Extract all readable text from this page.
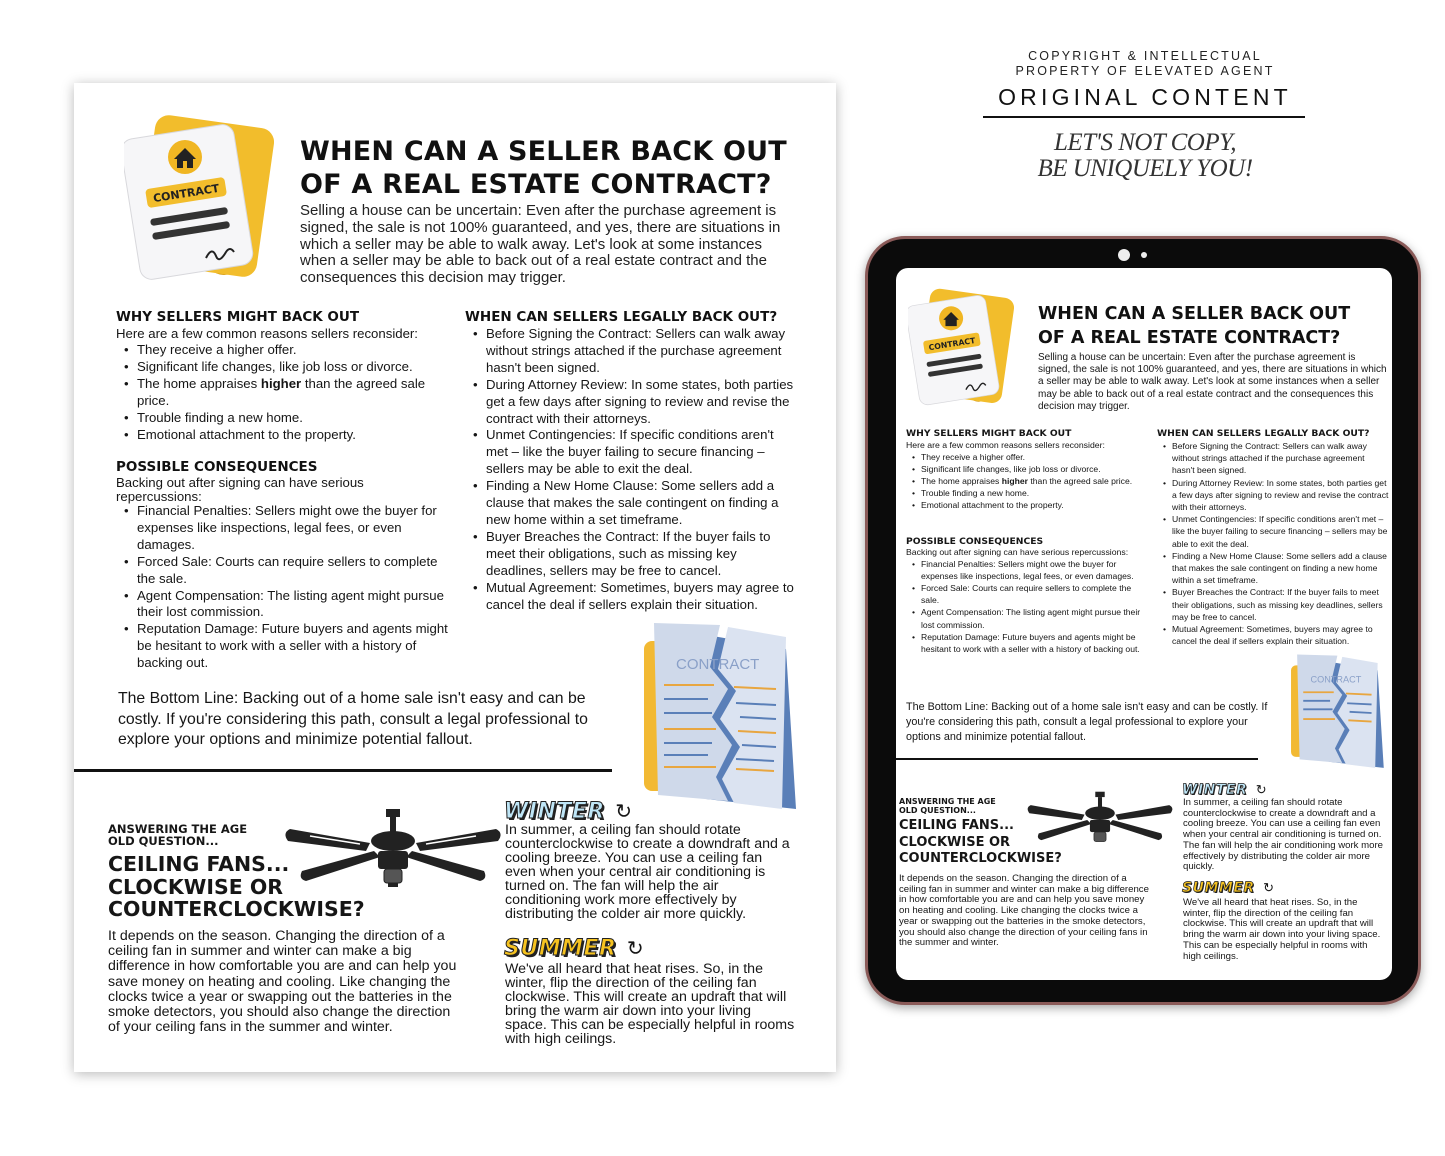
CONTRACT
WHEN CAN A SELLER BACK OUT
OF A REAL ESTATE CONTRACT?

Selling a house can be uncertain: Even after the purchase agreement is signed, the sale is not 100% guaranteed, and yes, there are situations in which a seller may be able to walk away. Let's look at some instances when a seller may be able to back out of a real estate contract and the consequences this decision may trigger.

WHY SELLERS MIGHT BACK OUT

Here are a few common reasons sellers reconsider:

• They receive a higher offer.
• Significant life changes, like job loss or divorce.
• The home appraises higher than the agreed sale price.
• Trouble finding a new home.
• Emotional attachment to the property.
POSSIBLE CONSEQUENCES

Backing out after signing can have serious repercussions:

• Financial Penalties: Sellers might owe the buyer for expenses like inspections, legal fees, or even damages.
• Forced Sale: Courts can require sellers to complete the sale.
• Agent Compensation: The listing agent might pursue their lost commission.
• Reputation Damage: Future buyers and agents might be hesitant to work with a seller with a history of backing out.
WHEN CAN SELLERS LEGALLY BACK OUT?
• Before Signing the Contract: Sellers can walk away without strings attached if the purchase agreement hasn't been signed.
• During Attorney Review: In some states, both parties get a few days after signing to review and revise the contract with their attorneys.
• Unmet Contingencies: If specific conditions aren't met – like the buyer failing to secure financing – sellers may be able to exit the deal.
• Finding a New Home Clause: Some sellers add a clause that makes the sale contingent on finding a new home within a set timeframe.
• Buyer Breaches the Contract: If the buyer fails to meet their obligations, such as missing key deadlines, sellers may be free to cancel.
• Mutual Agreement: Sometimes, buyers may agree to cancel the deal if sellers explain their situation.
CONTRACT

The Bottom Line: Backing out of a home sale isn't easy and can be costly. If you're considering this path, consult a legal professional to explore your options and minimize potential fallout.

ANSWERING THE AGE
OLD QUESTION...
CEILING FANS...
CLOCKWISE OR
COUNTERCLOCKWISE?

It depends on the season. Changing the direction of a ceiling fan in summer and winter can make a big difference in how comfortable you are and can help you save money on heating and cooling. Like changing the clocks twice a year or swapping out the batteries in the smoke detectors, you should also change the direction of your ceiling fans in the summer and winter.

WINTER ↻

In summer, a ceiling fan should rotate counterclockwise to create a downdraft and a cooling breeze. You can use a ceiling fan even when your central air conditioning is turned on. The fan will help the air conditioning work more effectively by distributing the colder air more quickly.

SUMMER ↻

We've all heard that heat rises. So, in the winter, flip the direction of the ceiling fan clockwise. This will create an updraft that will bring the warm air down into your living space. This can be especially helpful in rooms with high ceilings.

COPYRIGHT & INTELLECTUAL
PROPERTY OF ELEVATED AGENT
ORIGINAL CONTENT
LET'S NOT COPY,
BE UNIQUELY YOU!
CONTRACT
WHEN CAN A SELLER BACK OUT
OF A REAL ESTATE CONTRACT?

Selling a house can be uncertain: Even after the purchase agreement is signed, the sale is not 100% guaranteed, and yes, there are situations in which a seller may be able to walk away. Let's look at some instances when a seller may be able to back out of a real estate contract and the consequences this decision may trigger.

WHY SELLERS MIGHT BACK OUT

Here are a few common reasons sellers reconsider:

• They receive a higher offer.
• Significant life changes, like job loss or divorce.
• The home appraises higher than the agreed sale price.
• Trouble finding a new home.
• Emotional attachment to the property.
POSSIBLE CONSEQUENCES

Backing out after signing can have serious repercussions:

• Financial Penalties: Sellers might owe the buyer for expenses like inspections, legal fees, or even damages.
• Forced Sale: Courts can require sellers to complete the sale.
• Agent Compensation: The listing agent might pursue their lost commission.
• Reputation Damage: Future buyers and agents might be hesitant to work with a seller with a history of backing out.
WHEN CAN SELLERS LEGALLY BACK OUT?
• Before Signing the Contract: Sellers can walk away without strings attached if the purchase agreement hasn't been signed.
• During Attorney Review: In some states, both parties get a few days after signing to review and revise the contract with their attorneys.
• Unmet Contingencies: If specific conditions aren't met – like the buyer failing to secure financing – sellers may be able to exit the deal.
• Finding a New Home Clause: Some sellers add a clause that makes the sale contingent on finding a new home within a set timeframe.
• Buyer Breaches the Contract: If the buyer fails to meet their obligations, such as missing key deadlines, sellers may be free to cancel.
• Mutual Agreement: Sometimes, buyers may agree to cancel the deal if sellers explain their situation.
CONTRACT

The Bottom Line: Backing out of a home sale isn't easy and can be costly. If you're considering this path, consult a legal professional to explore your options and minimize potential fallout.

ANSWERING THE AGE
OLD QUESTION...
CEILING FANS...
CLOCKWISE OR
COUNTERCLOCKWISE?

It depends on the season. Changing the direction of a ceiling fan in summer and winter can make a big difference in how comfortable you are and can help you save money on heating and cooling. Like changing the clocks twice a year or swapping out the batteries in the smoke detectors, you should also change the direction of your ceiling fans in the summer and winter.

WINTER ↻

In summer, a ceiling fan should rotate counterclockwise to create a downdraft and a cooling breeze. You can use a ceiling fan even when your central air conditioning is turned on. The fan will help the air conditioning work more effectively by distributing the colder air more quickly.

SUMMER ↻

We've all heard that heat rises. So, in the winter, flip the direction of the ceiling fan clockwise. This will create an updraft that will bring the warm air down into your living space. This can be especially helpful in rooms with high ceilings.
